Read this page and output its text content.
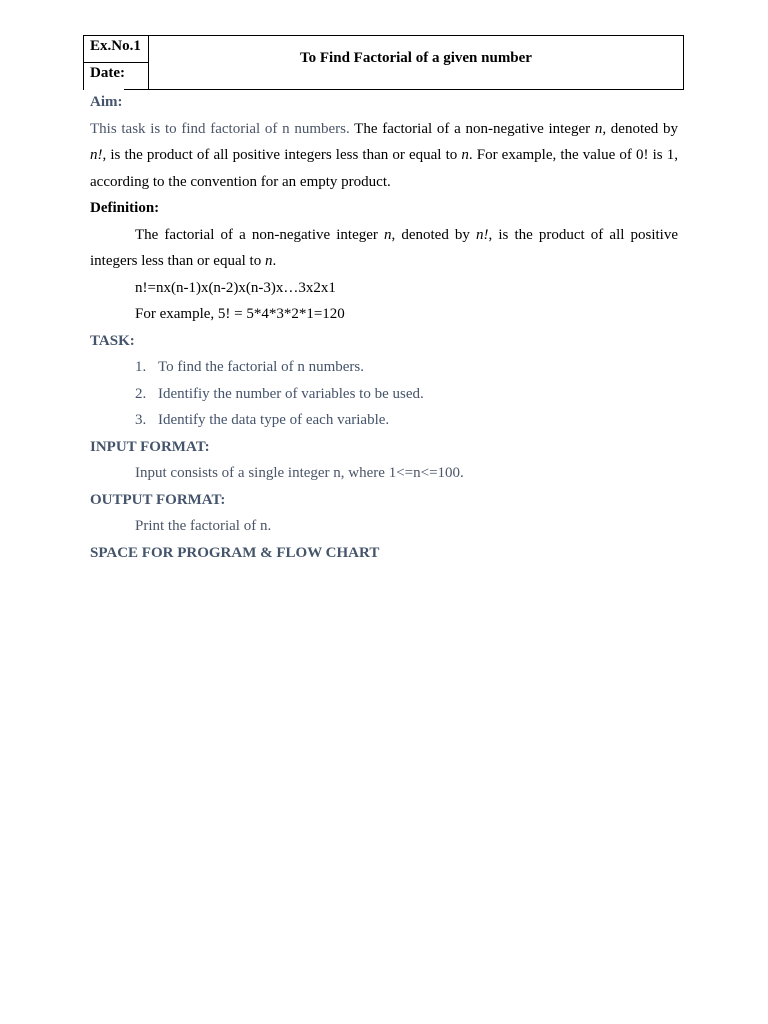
Ex.No.1
Date:
To Find Factorial of a given number
Aim:

This task is to find factorial of n numbers. The factorial of a non-negative integer n, denoted by n!, is the product of all positive integers less than or equal to n. For example, the value of 0! is 1, according to the convention for an empty product.

Definition:

The factorial of a non-negative integer n, denoted by n!, is the product of all positive integers less than or equal to n.

n!=nx(n-1)x(n-2)x(n-3)x…3x2x1
For example, 5! = 5*4*3*2*1=120
TASK:
1. To find the factorial of n numbers.
2. Identifiy the number of variables to be used.
3. Identify the data type of each variable.
INPUT FORMAT:
Input consists of a single integer n, where 1<=n<=100.
OUTPUT FORMAT:
Print the factorial of n.
SPACE FOR PROGRAM & FLOW CHART
